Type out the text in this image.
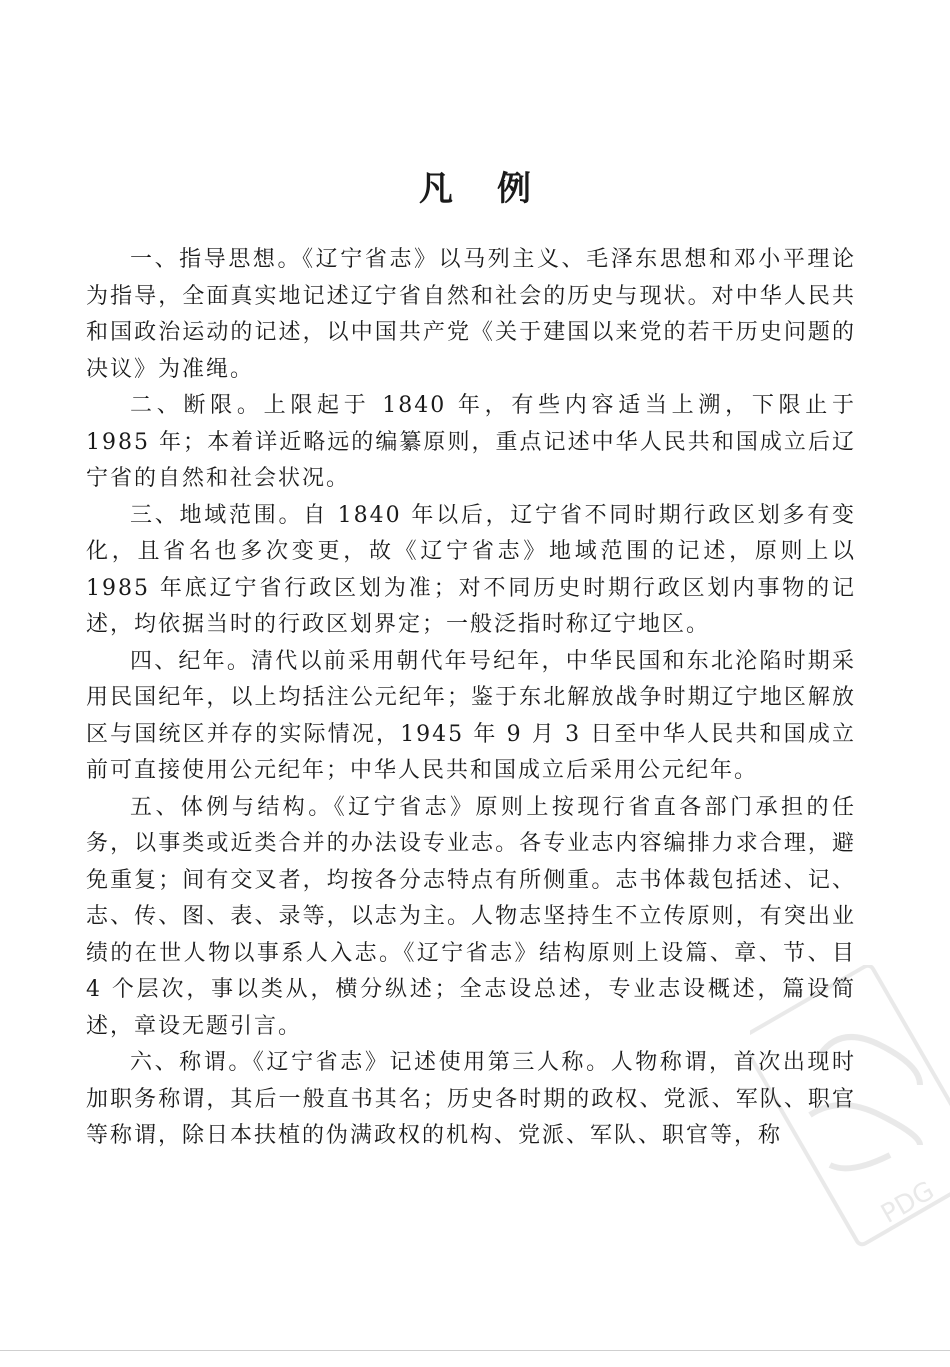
凡例

一、指导思想。《辽宁省志》以马列主义、毛泽东思想和邓小平理论为指导，全面真实地记述辽宁省自然和社会的历史与现状。对中华人民共和国政治运动的记述，以中国共产党《关于建国以来党的若干历史问题的决议》为准绳。

二、断限。上限起于 1840 年，有些内容适当上溯，下限止于 1985 年；本着详近略远的编纂原则，重点记述中华人民共和国成立后辽宁省的自然和社会状况。

三、地域范围。自 1840 年以后，辽宁省不同时期行政区划多有变化，且省名也多次变更，故《辽宁省志》地域范围的记述，原则上以 1985 年底辽宁省行政区划为准；对不同历史时期行政区划内事物的记述，均依据当时的行政区划界定；一般泛指时称辽宁地区。

四、纪年。清代以前采用朝代年号纪年，中华民国和东北沦陷时期采用民国纪年，以上均括注公元纪年；鉴于东北解放战争时期辽宁地区解放区与国统区并存的实际情况，1945 年 9 月 3 日至中华人民共和国成立前可直接使用公元纪年；中华人民共和国成立后采用公元纪年。

五、体例与结构。《辽宁省志》原则上按现行省直各部门承担的任务，以事类或近类合并的办法设专业志。各专业志内容编排力求合理，避免重复；间有交叉者，均按各分志特点有所侧重。志书体裁包括述、记、志、传、图、表、录等，以志为主。人物志坚持生不立传原则，有突出业绩的在世人物以事系人入志。《辽宁省志》结构原则上设篇、章、节、目 4 个层次，事以类从，横分纵述；全志设总述，专业志设概述，篇设简述，章设无题引言。

六、称谓。《辽宁省志》记述使用第三人称。人物称谓，首次出现时加职务称谓，其后一般直书其名；历史各时期的政权、党派、军队、职官等称谓，除日本扶植的伪满政权的机构、党派、军队、职官等，称

PDG
